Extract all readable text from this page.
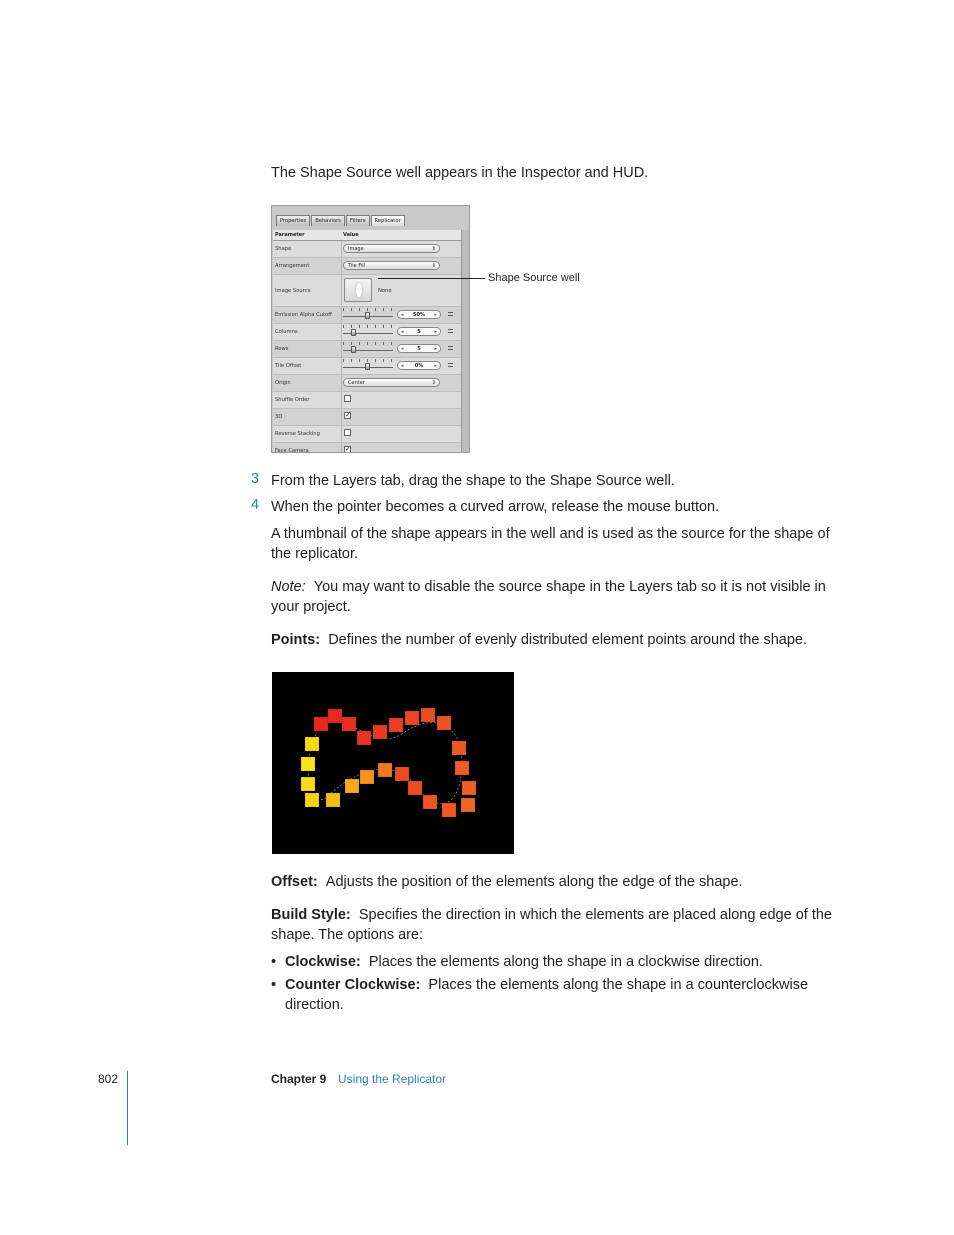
The Shape Source well appears in the Inspector and HUD.
Properties	Behaviors	Filters	Replicator
Parameter	Value
Shape	Image	⇕
Arrangement	Tile Fill	⇕
Image Source	None
Emission Alpha Cutoff	◂ 50% ▸
Columns	◂	5	▸
Rows	◂	5	▸
Tile Offset	◂ 0% ▸
Origin	Center	⇕
Shuffle Order
3D	✓
Reverse Stacking
Face Camera	✓
Shape Source well
3 From the Layers tab, drag the shape to the Shape Source well.
4 When the pointer becomes a curved arrow, release the mouse button.
A thumbnail of the shape appears in the well and is used as the source for the shape of
the replicator.
Note: You may want to disable the source shape in the Layers tab so it is not visible in
your project.
Points: Defines the number of evenly distributed element points around the shape.
Offset: Adjusts the position of the elements along the edge of the shape.
Build Style: Specifies the direction in which the elements are placed along edge of the
shape. The options are:
• Clockwise: Places the elements along the shape in a clockwise direction.
• Counter Clockwise: Places the elements along the shape in a counterclockwise
direction.
802	Chapter 9 Using the Replicator
